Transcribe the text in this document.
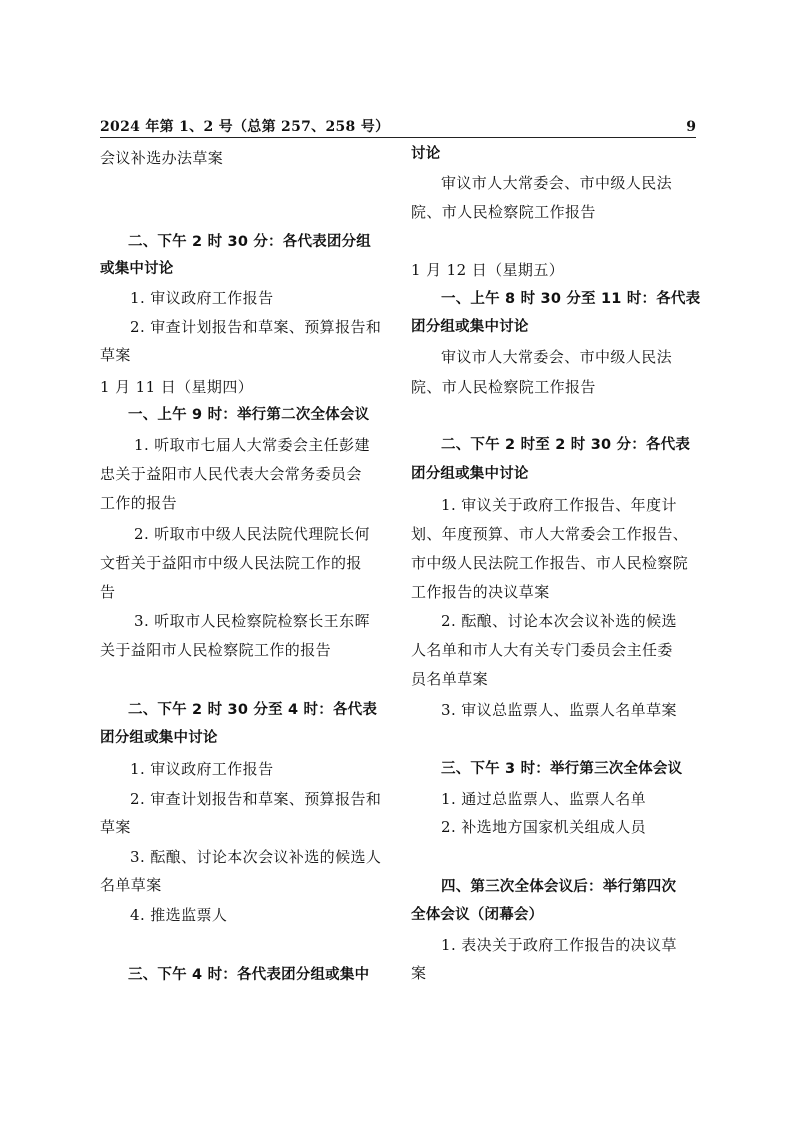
2024 年第 1、2 号（总第 257、258 号）	9
会议补选办法草案
二、下午 2 时 30 分：各代表团分组
或集中讨论
1. 审议政府工作报告
2. 审查计划报告和草案、预算报告和
草案
1 月 11 日（星期四）
一、上午 9 时：举行第二次全体会议
1. 听取市七届人大常委会主任彭建
忠关于益阳市人民代表大会常务委员会
工作的报告
2. 听取市中级人民法院代理院长何
文哲关于益阳市中级人民法院工作的报
告
3. 听取市人民检察院检察长王东晖
关于益阳市人民检察院工作的报告
二、下午 2 时 30 分至 4 时：各代表
团分组或集中讨论
1. 审议政府工作报告
2. 审查计划报告和草案、预算报告和
草案
3. 酝酿、讨论本次会议补选的候选人
名单草案
4. 推选监票人
三、下午 4 时：各代表团分组或集中
讨论
审议市人大常委会、市中级人民法
院、市人民检察院工作报告
1 月 12 日（星期五）
一、上午 8 时 30 分至 11 时：各代表
团分组或集中讨论
审议市人大常委会、市中级人民法
院、市人民检察院工作报告
二、下午 2 时至 2 时 30 分：各代表
团分组或集中讨论
1. 审议关于政府工作报告、年度计
划、年度预算、市人大常委会工作报告、
市中级人民法院工作报告、市人民检察院
工作报告的决议草案
2. 酝酿、讨论本次会议补选的候选
人名单和市人大有关专门委员会主任委
员名单草案
3. 审议总监票人、监票人名单草案
三、下午 3 时：举行第三次全体会议
1. 通过总监票人、监票人名单
2. 补选地方国家机关组成人员
四、第三次全体会议后：举行第四次
全体会议（闭幕会）
1. 表决关于政府工作报告的决议草
案
